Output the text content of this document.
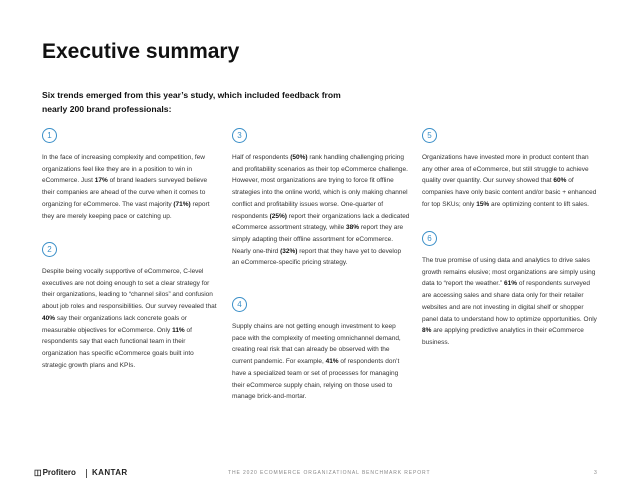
Executive summary
Six trends emerged from this year’s study, which included feedback from nearly 200 brand professionals:
1

In the face of increasing complexity and competition, few organizations feel like they are in a position to win in eCommerce. Just 17% of brand leaders surveyed believe their companies are ahead of the curve when it comes to organizing for eCommerce. The vast majority (71%) report they are merely keeping pace or catching up.

2

Despite being vocally supportive of eCommerce, C-level executives are not doing enough to set a clear strategy for their organizations, leading to “channel silos” and confusion about job roles and responsibilities. Our survey revealed that 40% say their organizations lack concrete goals or measurable objectives for eCommerce. Only 11% of respondents say that each functional team in their organization has specific eCommerce goals built into strategic growth plans and KPIs.

3

Half of respondents (50%) rank handling challenging pricing and profitability scenarios as their top eCommerce challenge. However, most organizations are trying to force fit offline strategies into the online world, which is only making channel conflict and profitability issues worse. One-quarter of respondents (25%) report their organizations lack a dedicated eCommerce assortment strategy, while 38% report they are simply adapting their offline assortment for eCommerce. Nearly one-third (32%) report that they have yet to develop an eCommerce-specific pricing strategy.

4

Supply chains are not getting enough investment to keep pace with the complexity of meeting omnichannel demand, creating real risk that can already be observed with the current pandemic. For example, 41% of respondents don’t have a specialized team or set of processes for managing their eCommerce supply chain, relying on those used to manage brick-and-mortar.

5

Organizations have invested more in product content than any other area of eCommerce, but still struggle to achieve quality over quantity. Our survey showed that 60% of companies have only basic content and/or basic + enhanced for top SKUs; only 15% are optimizing content to lift sales.

6

The true promise of using data and analytics to drive sales growth remains elusive; most organizations are simply using data to “report the weather.” 61% of respondents surveyed are accessing sales and share data only for their retailer websites and are not investing in digital shelf or shopper panel data to understand how to optimize opportunities. Only 8% are applying predictive analytics in their eCommerce business.

◫Profitero KANTAR	THE 2020 ECOMMERCE ORGANIZATIONAL BENCHMARK REPORT	3
